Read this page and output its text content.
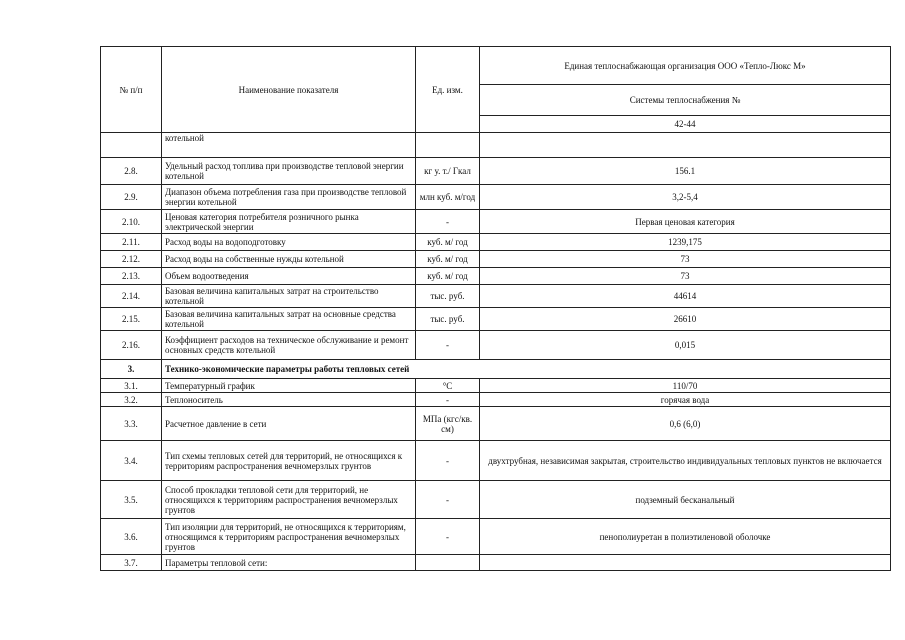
№ п/п	Наименование показателя	Ед. изм.	Единая теплоснабжающая организация ООО «Тепло-Люкс М»
			Системы теплоснабжения №
			42-44
	котельной		
2.8.	Удельный расход топлива при производстве тепловой энергии котельной	кг у. т./ Гкал	156.1
2.9.	Диапазон объема потребления газа при производстве тепловой энергии котельной	млн куб. м/год	3,2-5,4
2.10.	Ценовая категория потребителя розничного рынка электрической энергии	-	Первая ценовая категория
2.11.	Расход воды на водоподготовку	куб. м/ год	1239,175
2.12.	Расход воды на собственные нужды котельной	куб. м/ год	73
2.13.	Объем водоотведения	куб. м/ год	73
2.14.	Базовая величина капитальных затрат на строительство котельной	тыс. руб.	44614
2.15.	Базовая величина капитальных затрат на основные средства котельной	тыс. руб.	26610
2.16.	Коэффициент расходов на техническое обслуживание и ремонт основных средств котельной	-	0,015
3.	Технико-экономические параметры работы тепловых сетей		
3.1.	Температурный график	°С	110/70
3.2.	Теплоноситель	-	горячая вода
3.3.	Расчетное давление в сети	МПа (кгс/кв. см)	0,6 (6,0)
3.4.	Тип схемы тепловых сетей для территорий, не относящихся к территориям распространения вечномерзлых грунтов	-	двухтрубная, независимая закрытая, строительство индивидуальных тепловых пунктов не включается
3.5.	Способ прокладки тепловой сети для территорий, не относящихся к территориям распространения вечномерзлых грунтов	-	подземный бесканальный
3.6.	Тип изоляции для территорий, не относящихся к территориям, относящимся к территориям распространения вечномерзлых грунтов	-	пенополиуретан в полиэтиленовой оболочке
3.7.	Параметры тепловой сети:		
